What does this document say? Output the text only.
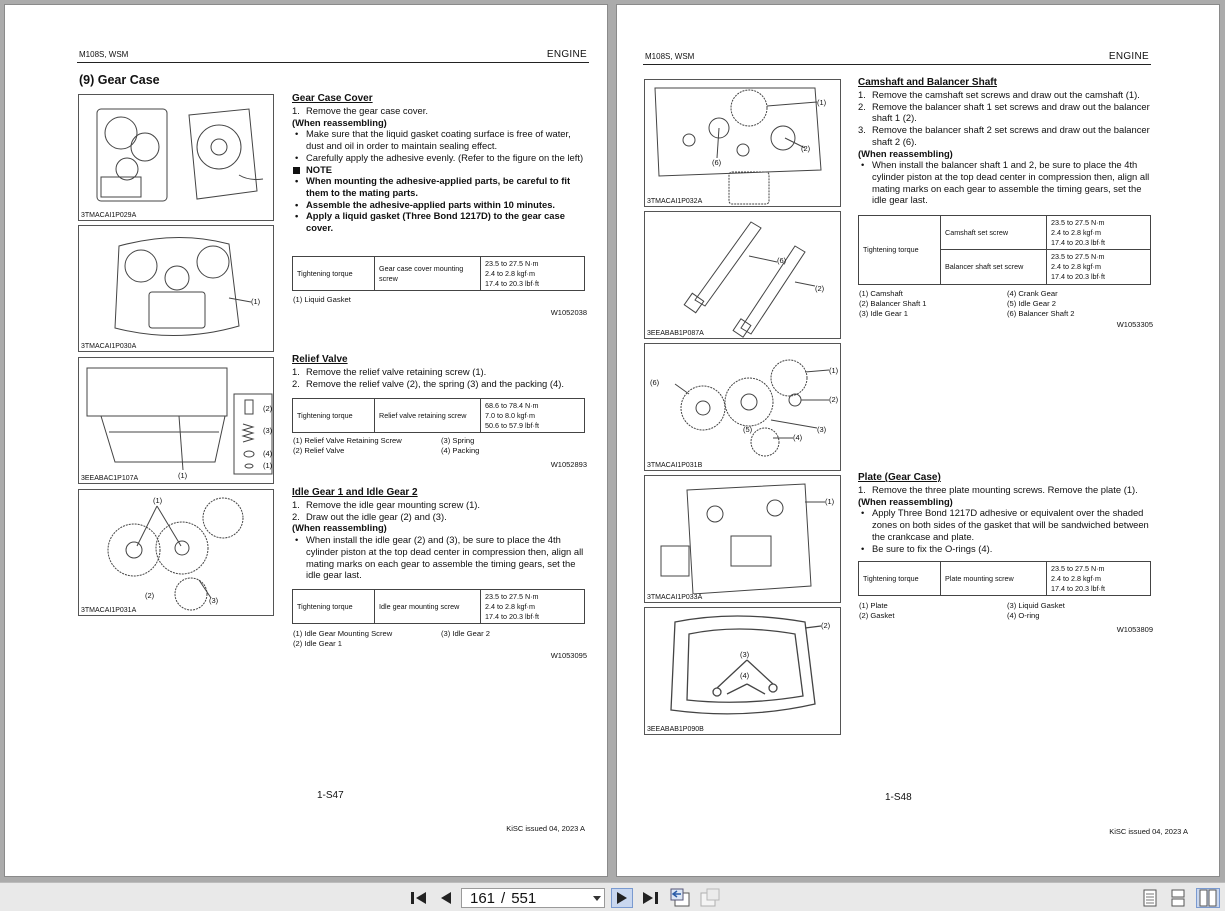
M108S, WSM	ENGINE
(9) Gear Case
3TMACAI1P029A
(1)
3TMACAI1P030A
(2)
(3)
(4)
(1)
(1)
3EEABAC1P107A
(1)
(2)
(3)
3TMACAI1P031A
Gear Case Cover
1. Remove the gear case cover.
(When reassembling)
• Make sure that the liquid gasket coating surface is free of water, dust and oil in order to maintain sealing effect.
• Carefully apply the adhesive evenly. (Refer to the figure on the left)
NOTE
• When mounting the adhesive-applied parts, be careful to fit them to the mating parts.
• Assemble the adhesive-applied parts within 10 minutes.
• Apply a liquid gasket (Three Bond 1217D) to the gear case cover.
Tightening torque	Gear case cover mounting screw	
23.5 to 27.5 N·m
2.4 to 2.8 kgf·m
17.4 to 20.3 lbf·ft
(1) Liquid Gasket
W1052038
Relief Valve
1. Remove the relief valve retaining screw (1).
2. Remove the relief valve (2), the spring (3) and the packing (4).
Tightening torque	Relief valve retaining screw	
68.6 to 78.4 N·m
7.0 to 8.0 kgf·m
50.6 to 57.9 lbf·ft
(1) Relief Valve Retaining Screw	(3) Spring
(2) Relief Valve	(4) Packing
W1052893
Idle Gear 1 and Idle Gear 2
1. Remove the idle gear mounting screw (1).
2. Draw out the idle gear (2) and (3).
(When reassembling)
• When install the idle gear (2) and (3), be sure to place the 4th cylinder piston at the top dead center in compression then, align all mating marks on each gear to assemble the timing gears, set the idle gear last.
Tightening torque	Idle gear mounting screw	
23.5 to 27.5 N·m
2.4 to 2.8 kgf·m
17.4 to 20.3 lbf·ft
(1) Idle Gear Mounting Screw	(3) Idle Gear 2
(2) Idle Gear 1
W1053095
1-S47
KiSC issued 04, 2023 A
M108S, WSM	ENGINE
(1)
(2)
(6)
3TMACAI1P032A
(6)
(2)
3EEABAB1P087A
(6)
(1)
(2)
(3)
(4)
(5)
3TMACAI1P031B
(1)
3TMACAI1P033A
(2)
(3)
(4)
3EEABAB1P090B
Camshaft and Balancer Shaft
1. Remove the camshaft set screws and draw out the camshaft (1).
2. Remove the balancer shaft 1 set screws and draw out the balancer shaft 1 (2).
3. Remove the balancer shaft 2 set screws and draw out the balancer shaft 2 (6).
(When reassembling)
• When install the balancer shaft 1 and 2, be sure to place the 4th cylinder piston at the top dead center in compression then, align all mating marks on each gear to assemble the timing gears, set the idle gear last.
Tightening torque	Camshaft set screw	23.5 to 27.5 N·m
2.4 to 2.8 kgf·m
17.4 to 20.3 lbf·ft

	Balancer shaft set screw	23.5 to 27.5 N·m
2.4 to 2.8 kgf·m
17.4 to 20.3 lbf·ft
(1) Camshaft	(4) Crank Gear
(2) Balancer Shaft 1	(5) Idle Gear 2
(3) Idle Gear 1	(6) Balancer Shaft 2
W1053305
Plate (Gear Case)
1. Remove the three plate mounting screws. Remove the plate (1).
(When reassembling)
• Apply Three Bond 1217D adhesive or equivalent over the shaded zones on both sides of the gasket that will be sandwiched between the crankcase and plate.
• Be sure to fix the O-rings (4).
Tightening torque	Plate mounting screw	
23.5 to 27.5 N·m
2.4 to 2.8 kgf·m
17.4 to 20.3 lbf·ft
(1) Plate	(3) Liquid Gasket
(2) Gasket	(4) O-ring
W1053809
1-S48
KiSC issued 04, 2023 A
161 / 551
